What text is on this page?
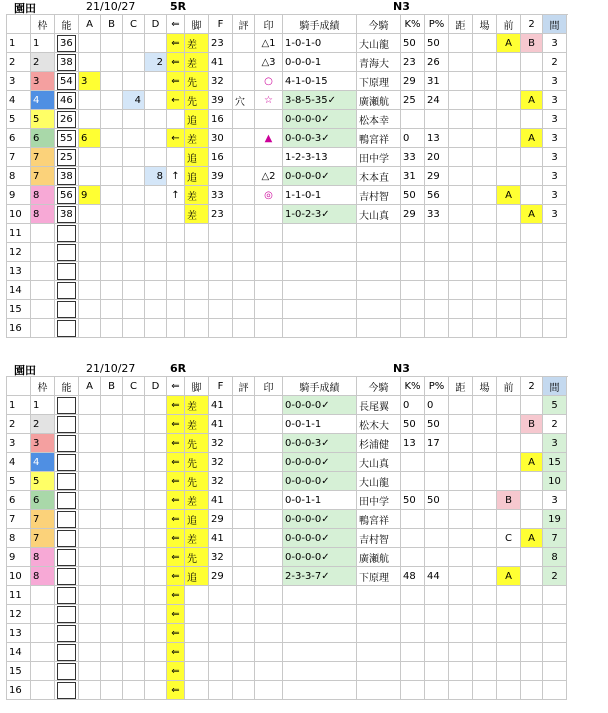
園田	21/10/27	5R	N3
	枠	能	A	B	C	D	⇐	脚	F	評	印	騎手成績	今騎	K%	P%	距	場	前	2	間	
1	1	36					⇐	差	23		△1	1-0-1-0	大山龍	50	50			A	B	3	
2	2	38				2	⇐	差	41		△3	0-0-0-1	青海大	23	26					2	
3	3	54	3				⇐	先	32		○	4-1-0-15	下原理	29	31					3	
4	4	46			4		←	先	39	穴	☆	3-8-5-35✓	廣瀬航	25	24				A	3	
5	5	26						追	16			0-0-0-0✓	松本幸							3	
6	6	55	6				←	差	30		▲	0-0-0-3✓	鴨宮祥	0	13				A	3	
7	7	25						追	16			1-2-3-13	田中学	33	20					3	
8	7	38				8	↑	追	39		△2	0-0-0-0✓	木本直	31	29					3	
9	8	56	9				↑	差	33		◎	1-1-0-1	吉村智	50	56			A		3	
10	8	38						差	23			1-0-2-3✓	大山真	29	33				A	3	
11			

12			

13			

14			

15			

16			

園田	21/10/27	6R	N3
	枠	能	A	B	C	D	⇐	脚	F	評	印	騎手成績	今騎	K%	P%	距	場	前	2	間	
1	1						⇐	差	41			0-0-0-0✓	長尾翼	0	0					5	
2	2						⇐	差	41			0-0-1-1	松木大	50	50				B	2	
3	3						⇐	先	32			0-0-0-3✓	杉浦健	13	17					3	
4	4						⇐	先	32			0-0-0-0✓	大山真						A	15	
5	5						⇐	先	32			0-0-0-0✓	大山龍							10	
6	6						⇐	差	41			0-0-1-1	田中学	50	50			B		3	
7	7						⇐	追	29			0-0-0-0✓	鴨宮祥							19	
8	7						⇐	差	41			0-0-0-0✓	吉村智					C	A	7	
9	8						⇐	先	32			0-0-0-0✓	廣瀬航							8	
10	8						⇐	追	29			2-3-3-7✓	下原理	48	44			A		2	
11							⇐														
12							⇐														
13							⇐														
14							⇐														
15							⇐														
16							⇐														
